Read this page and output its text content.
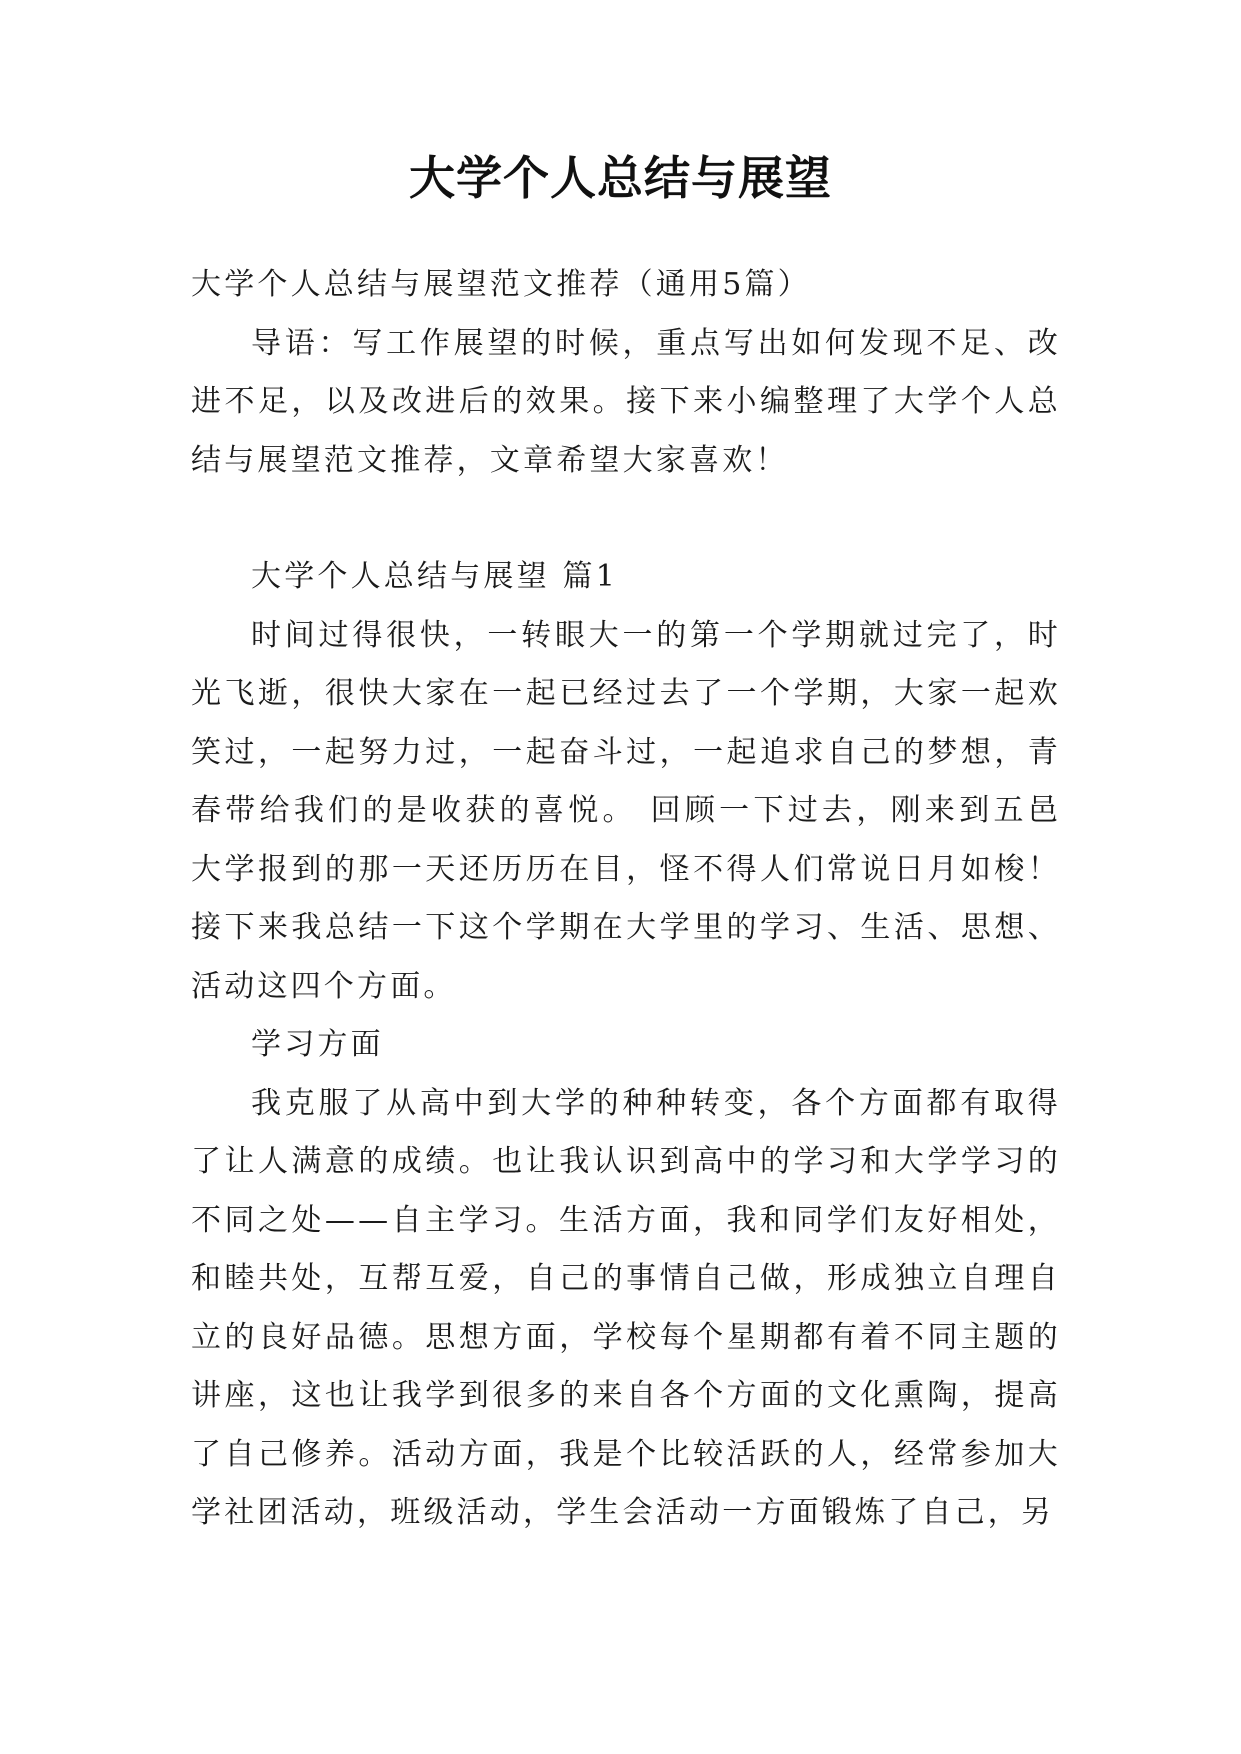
大学个人总结与展望

大学个人总结与展望范文推荐（通用5篇）

导语：写工作展望的时候，重点写出如何发现不足、改进不足，以及改进后的效果。接下来小编整理了大学个人总结与展望范文推荐，文章希望大家喜欢！

大学个人总结与展望 篇1

时间过得很快，一转眼大一的第一个学期就过完了，时光飞逝，很快大家在一起已经过去了一个学期，大家一起欢笑过，一起努力过，一起奋斗过，一起追求自己的梦想，青春带给我们的是收获的喜悦。 回顾一下过去，刚来到五邑大学报到的那一天还历历在目，怪不得人们常说日月如梭！接下来我总结一下这个学期在大学里的学习、生活、思想、活动这四个方面。

学习方面

我克服了从高中到大学的种种转变，各个方面都有取得了让人满意的成绩。也让我认识到高中的学习和大学学习的不同之处——自主学习。生活方面，我和同学们友好相处，和睦共处，互帮互爱，自己的事情自己做，形成独立自理自立的良好品德。思想方面，学校每个星期都有着不同主题的讲座，这也让我学到很多的来自各个方面的文化熏陶，提高了自己修养。活动方面，我是个比较活跃的人，经常参加大学社团活动，班级活动，学生会活动一方面锻炼了自己，另
